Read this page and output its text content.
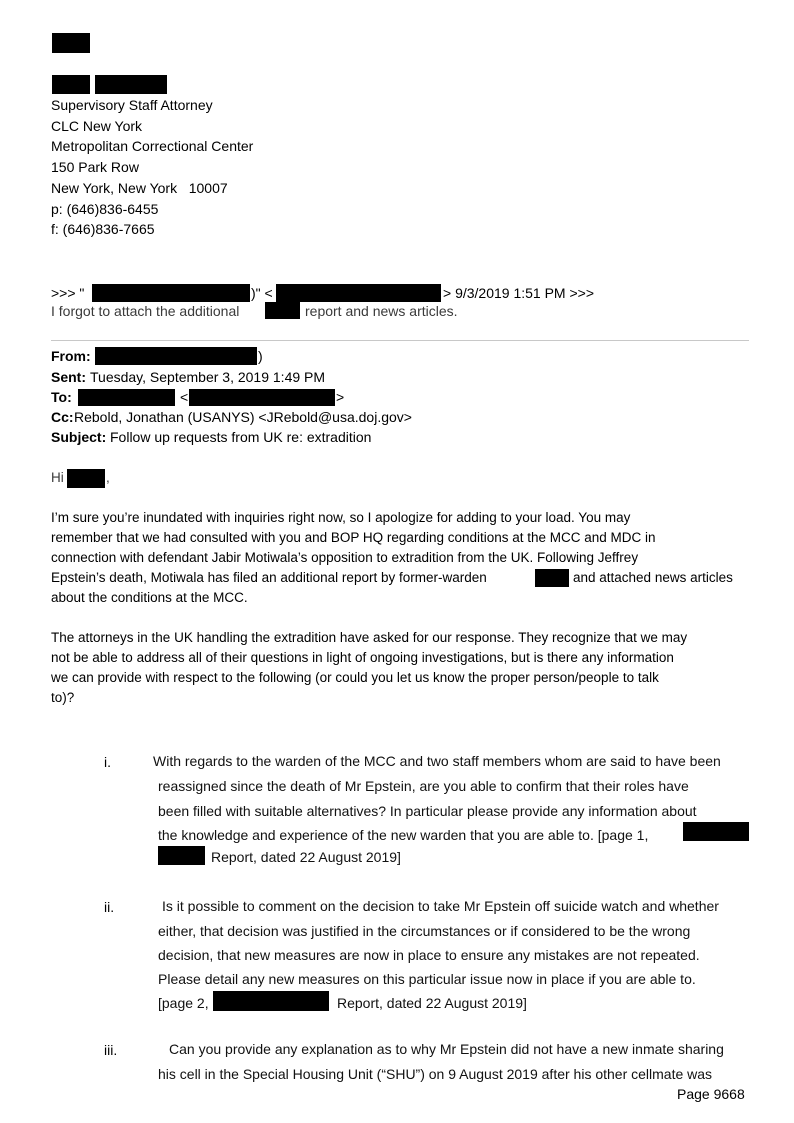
Supervisory Staff Attorney
CLC New York
Metropolitan Correctional Center
150 Park Row
New York, New York   10007
p: (646)836-6455
f: (646)836-7665
>>> "	)" <	> 9/3/2019 1:51 PM >>>
I forgot to attach the additional	report and news articles.
From:	)
Sent: Tuesday, September 3, 2019 1:49 PM
To:	<	>
Cc: Rebold, Jonathan (USANYS) <JRebold@usa.doj.gov>
Subject: Follow up requests from UK re: extradition
Hi	,
I’m sure you’re inundated with inquiries right now, so I apologize for adding to your load. You may
remember that we had consulted with you and BOP HQ regarding conditions at the MCC and MDC in
connection with defendant Jabir Motiwala’s opposition to extradition from the UK. Following Jeffrey
Epstein’s death, Motiwala has filed an additional report by former-warden	and attached news articles
about the conditions at the MCC.
The attorneys in the UK handling the extradition have asked for our response. They recognize that we may
not be able to address all of their questions in light of ongoing investigations, but is there any information
we can provide with respect to the following (or could you let us know the proper person/people to talk
to)?
i.	With regards to the warden of the MCC and two staff members whom are said to have been
reassigned since the death of Mr Epstein, are you able to confirm that their roles have
been filled with suitable alternatives? In particular please provide any information about
the knowledge and experience of the new warden that you are able to. [page 1,
Report, dated 22 August 2019]
ii.	Is it possible to comment on the decision to take Mr Epstein off suicide watch and whether
either, that decision was justified in the circumstances or if considered to be the wrong
decision, that new measures are now in place to ensure any mistakes are not repeated.
Please detail any new measures on this particular issue now in place if you are able to.
[page 2,	Report, dated 22 August 2019]
iii.	Can you provide any explanation as to why Mr Epstein did not have a new inmate sharing
his cell in the Special Housing Unit (“SHU”) on 9 August 2019 after his other cellmate was
Page 9668
